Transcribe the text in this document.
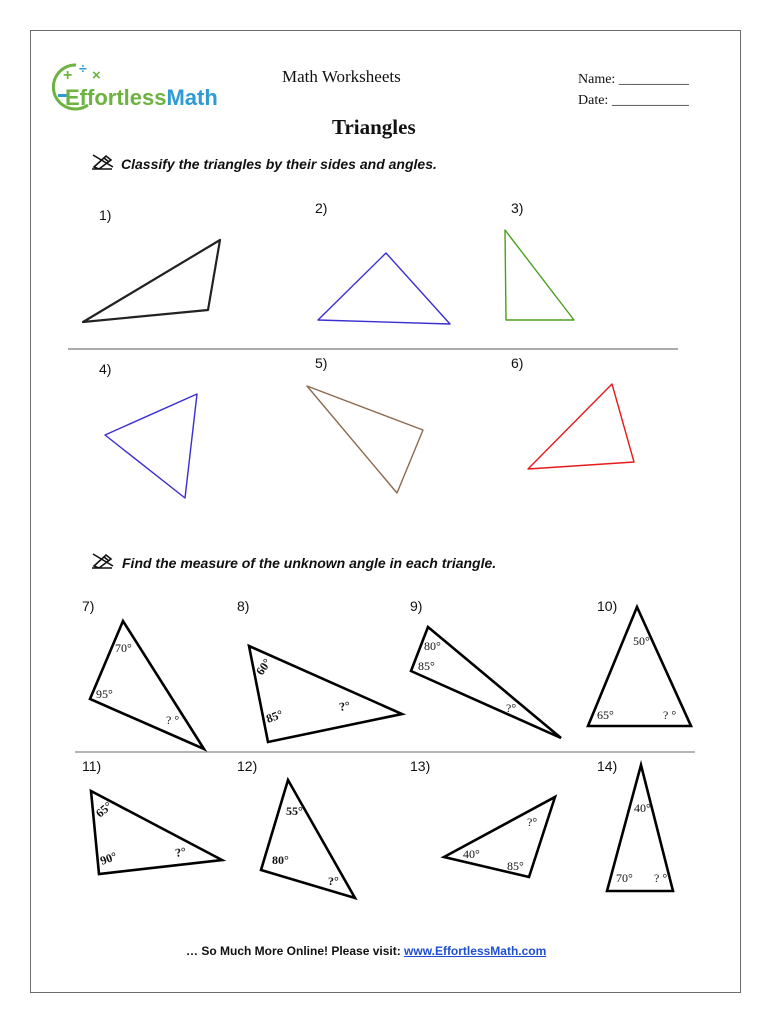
+ ÷ ×
EffortlessMath
Math Worksheets	Name: __________
Date: ___________
Triangles
Classify the triangles by their sides and angles.
1)	2)	3)
4)	5)	6)
Find the measure of the unknown angle in each triangle.
7)	8)	9)	10)
11)	12)	13)	14)
70°
95°
? °
60°
85°
?°
80°
85°
?°
50°
65°	? °
65°
90°	?°
55°
80°
?°
40°
85°
?°
40°
70° ? °
… So Much More Online! Please visit: www.EffortlessMath.com
